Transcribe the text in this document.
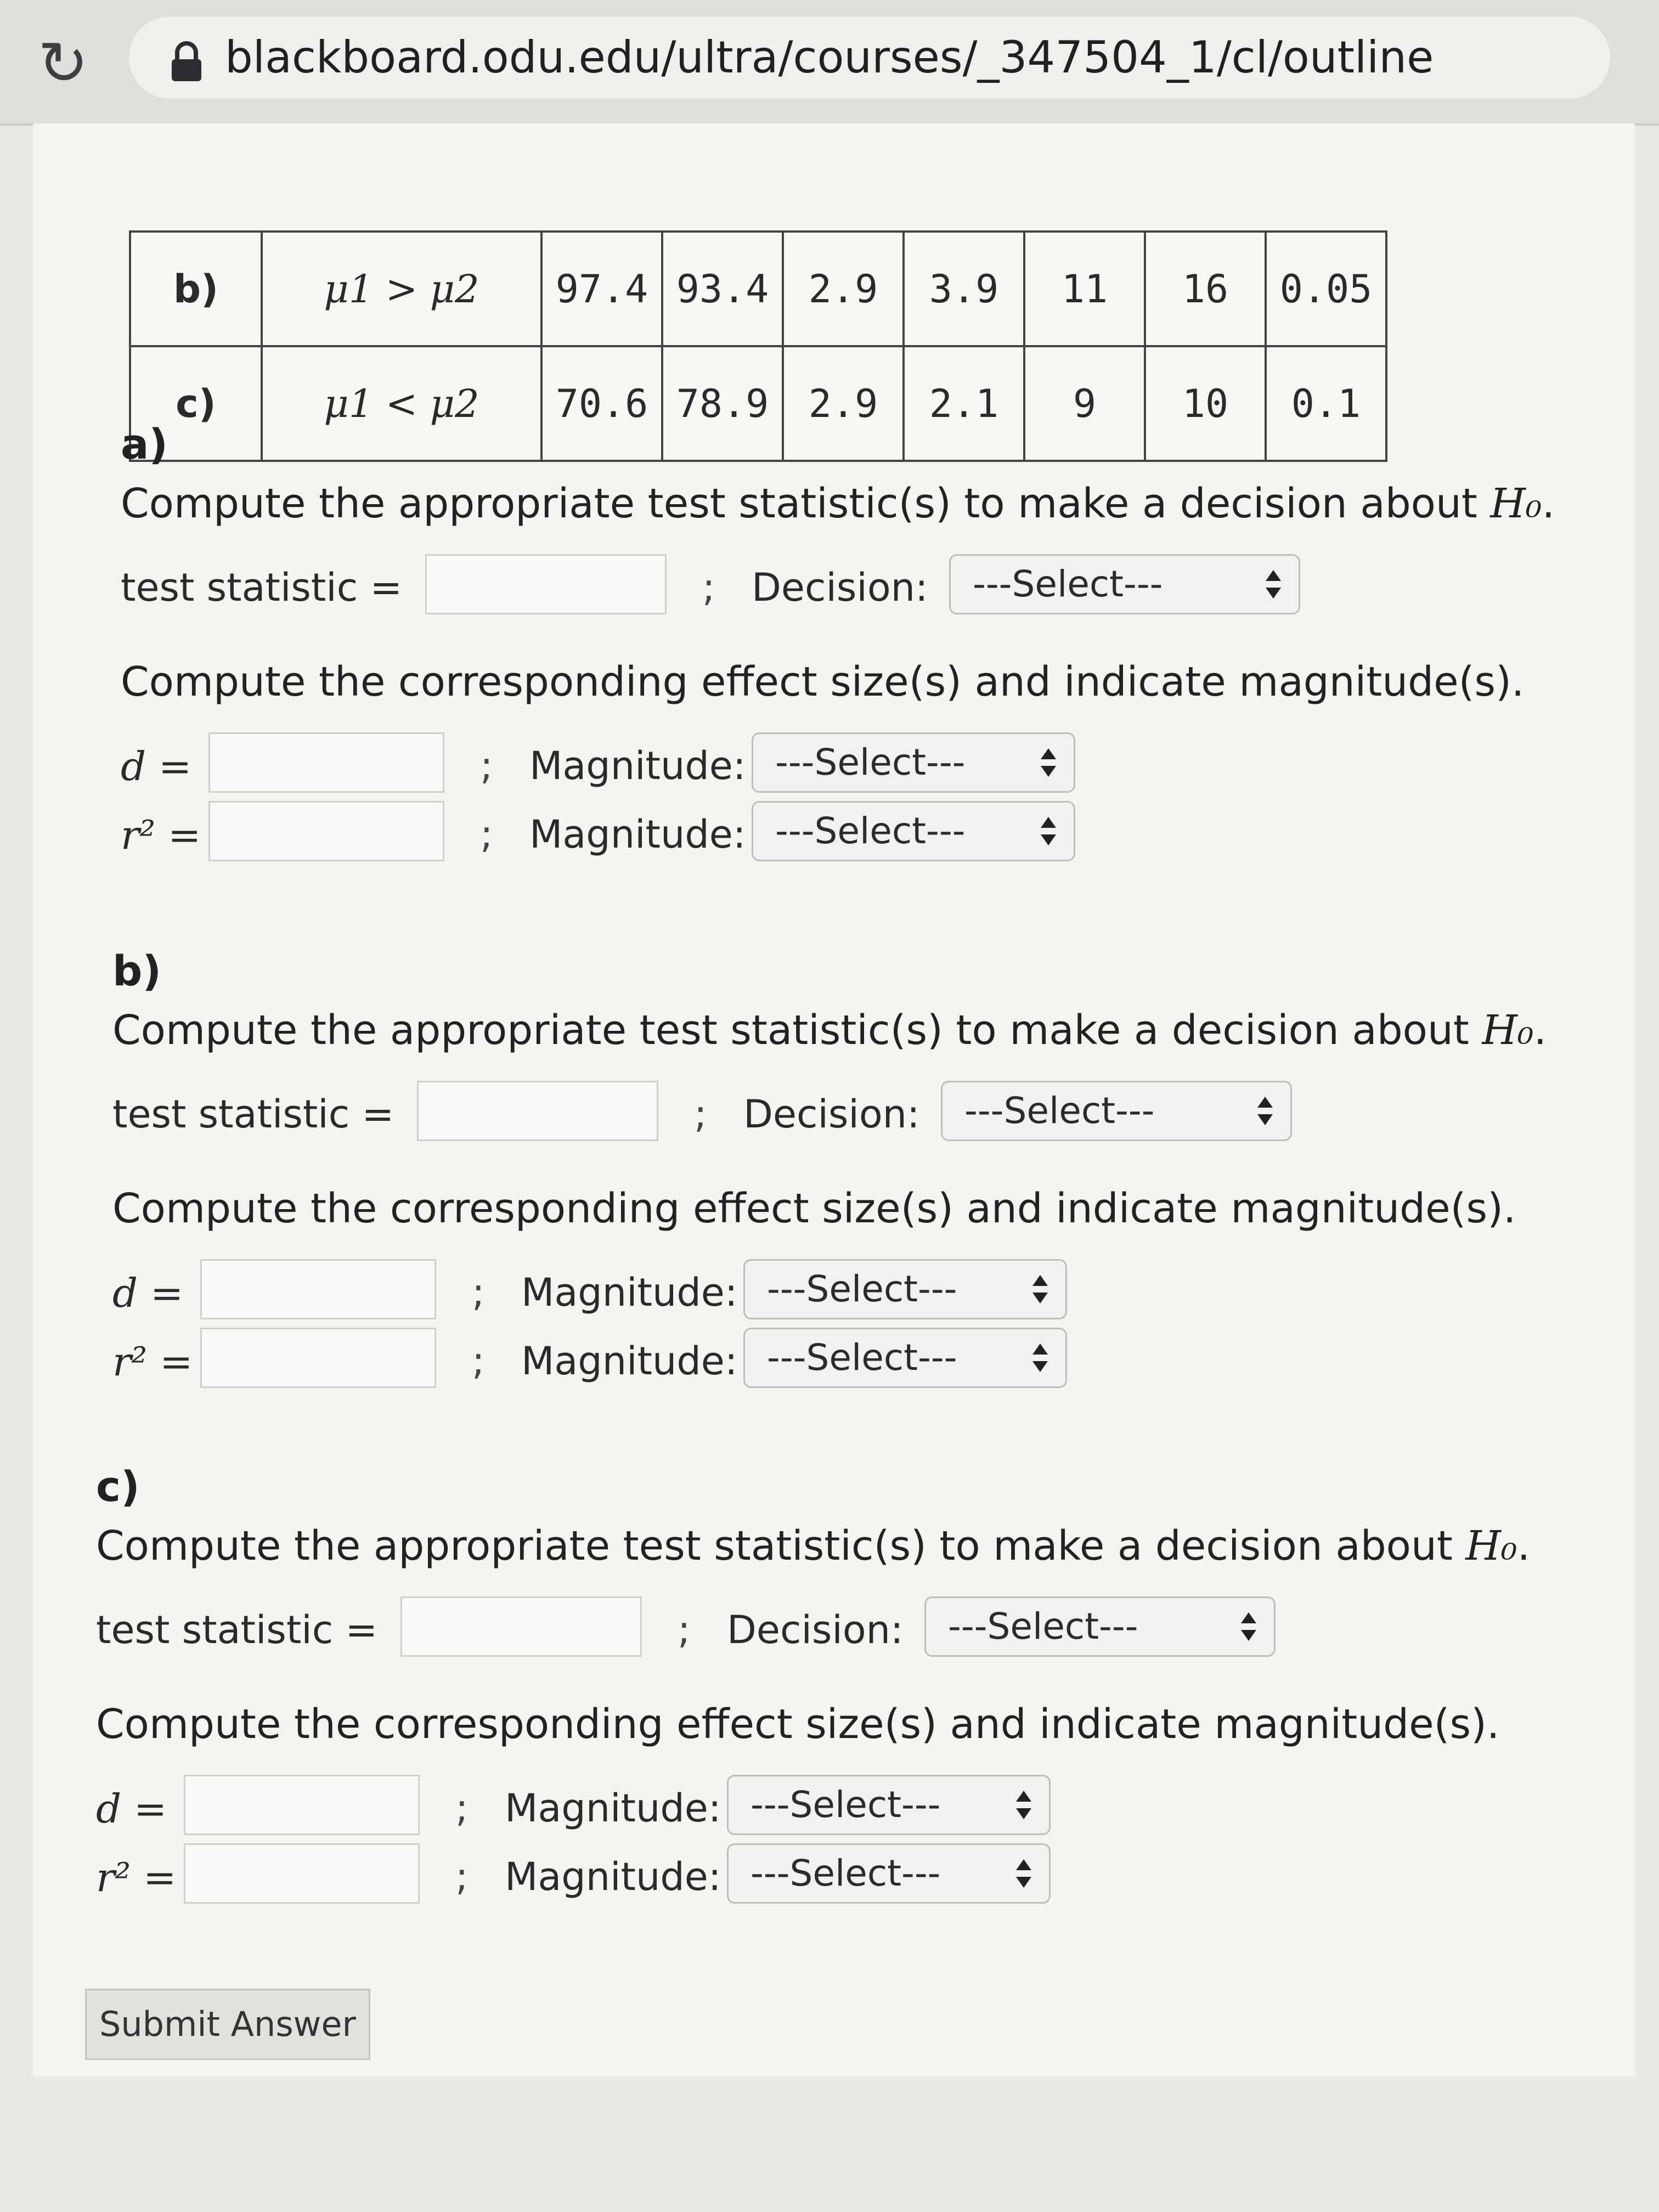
↻	blackboard.odu.edu/ultra/courses/_347504_1/cl/outline
b)	μ1 > μ2	97.4	93.4	2.9	3.9	11	16	0.05
c)	μ1 < μ2	70.6	78.9	2.9	2.1	9	10	0.1
a)
Compute the appropriate test statistic(s) to make a decision about H₀.
test statistic =	; Decision:	---Select---
Compute the corresponding effect size(s) and indicate magnitude(s).
d =	; Magnitude: ---Select---
r² =	; Magnitude: ---Select---
b)
Compute the appropriate test statistic(s) to make a decision about H₀.
test statistic =	; Decision:	---Select---
Compute the corresponding effect size(s) and indicate magnitude(s).
d =	; Magnitude: ---Select---
r² =	; Magnitude: ---Select---
c)
Compute the appropriate test statistic(s) to make a decision about H₀.
test statistic =	; Decision:	---Select---
Compute the corresponding effect size(s) and indicate magnitude(s).
d =	; Magnitude: ---Select---
r² =	; Magnitude: ---Select---
Submit Answer
